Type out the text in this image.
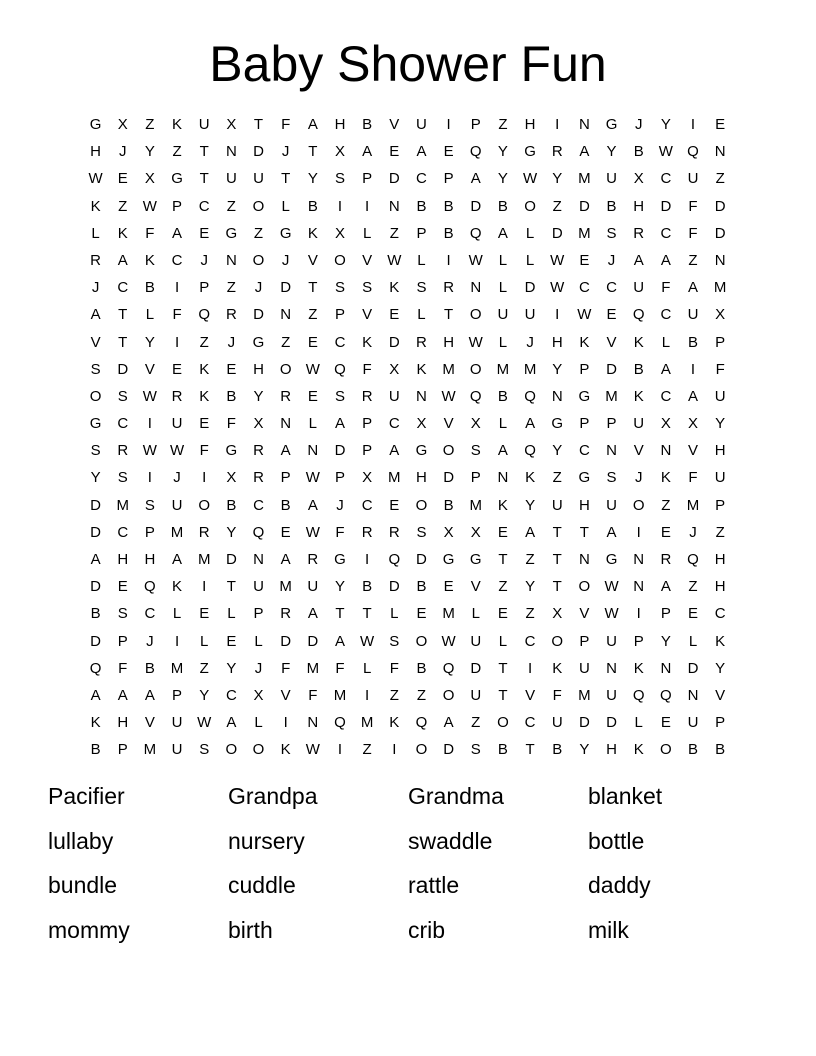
Baby Shower Fun
G	X	Z	K	U	X	T	F	A	H	B	V	U	I	P	Z	H	I	N	G	J	Y	I	E
H	J	Y	Z	T	N	D	J	T	X	A	E	A	E	Q	Y	G	R	A	Y	B	W Q	N
W	E	X	G	T	U	U	T	Y	S	P	D	C	P	A	Y	W	Y	M	U	X	C	U	Z
K	Z	W	P	C	Z	O	L	B	I	I	N	B	B	D	B	O	Z	D	B	H	D	F	D
L	K	F	A	E	G	Z	G	K	X	L	Z	P	B	Q	A	L	D	M	S	R	C	F	D
R	A	K	C	J	N	O	J	V	O	V	W	L	I	W	L	L	W	E	J	A	A	Z	N
J	C	B	I	P	Z	J	D	T	S	S	K	S	R	N	L	D W C	C	U	F	A	M
A	T	L	F	Q	R	D	N	Z	P	V	E	L	T	O	U	U	I	W	E	Q	C	U	X
V	T	Y	I	Z	J	G	Z	E	C	K	D	R	H W	L	J	H	K	V	K	L	B	P
S	D	V	E	K	E	H	O W Q	F	X	K	M	O	M M	Y	P	D	B	A	I	F
O	S	W R	K	B	Y	R	E	S	R	U	N W Q	B	Q	N	G	M	K	C	A	U
G	C	I	U	E	F	X	N	L	A	P	C	X	V	X	L	A	G	P	P	U	X	X	Y
S	R W W	F	G	R	A	N	D	P	A	G	O	S	A	Q	Y	C	N	V	N	V	H
Y	S	I	J	I	X	R	P	W	P	X	M	H	D	P	N	K	Z	G	S	J	K	F	U
D	M	S	U	O	B	C	B	A	J	C	E	O	B	M	K	Y	U	H	U	O	Z	M	P
D	C	P	M	R	Y	Q	E	W	F	R	R	S	X	X	E	A	T	T	A	I	E	J	Z
A	H	H	A	M	D	N	A	R	G	I	Q	D	G	G	T	Z	T	N	G	N	R	Q	H
D	E	Q	K	I	T	U	M	U	Y	B	D	B	E	V	Z	Y	T	O W N	A	Z	H
B	S	C	L	E	L	P	R	A	T	T	L	E	M	L	E	Z	X	V	W	I	P	E	C
D	P	J	I	L	E	L	D	D	A	W	S	O W U	L	C	O	P	U	P	Y	L	K
Q	F	B	M	Z	Y	J	F	M	F	L	F	B	Q	D	T	I	K	U	N	K	N	D	Y
A	A	A	P	Y	C	X	V	F	M	I	Z	Z	O	U	T	V	F	M	U	Q	Q	N	V
K	H	V	U W	A	L	I	N	Q	M	K	Q	A	Z	O	C	U	D	D	L	E	U	P
B	P	M	U	S	O	O	K	W	I	Z	I	O	D	S	B	T	B	Y	H	K	O	B	B
Pacifier	Grandpa	Grandma	blanket
lullaby	nursery	swaddle	bottle
bundle	cuddle	rattle	daddy
mommy	birth	crib	milk
